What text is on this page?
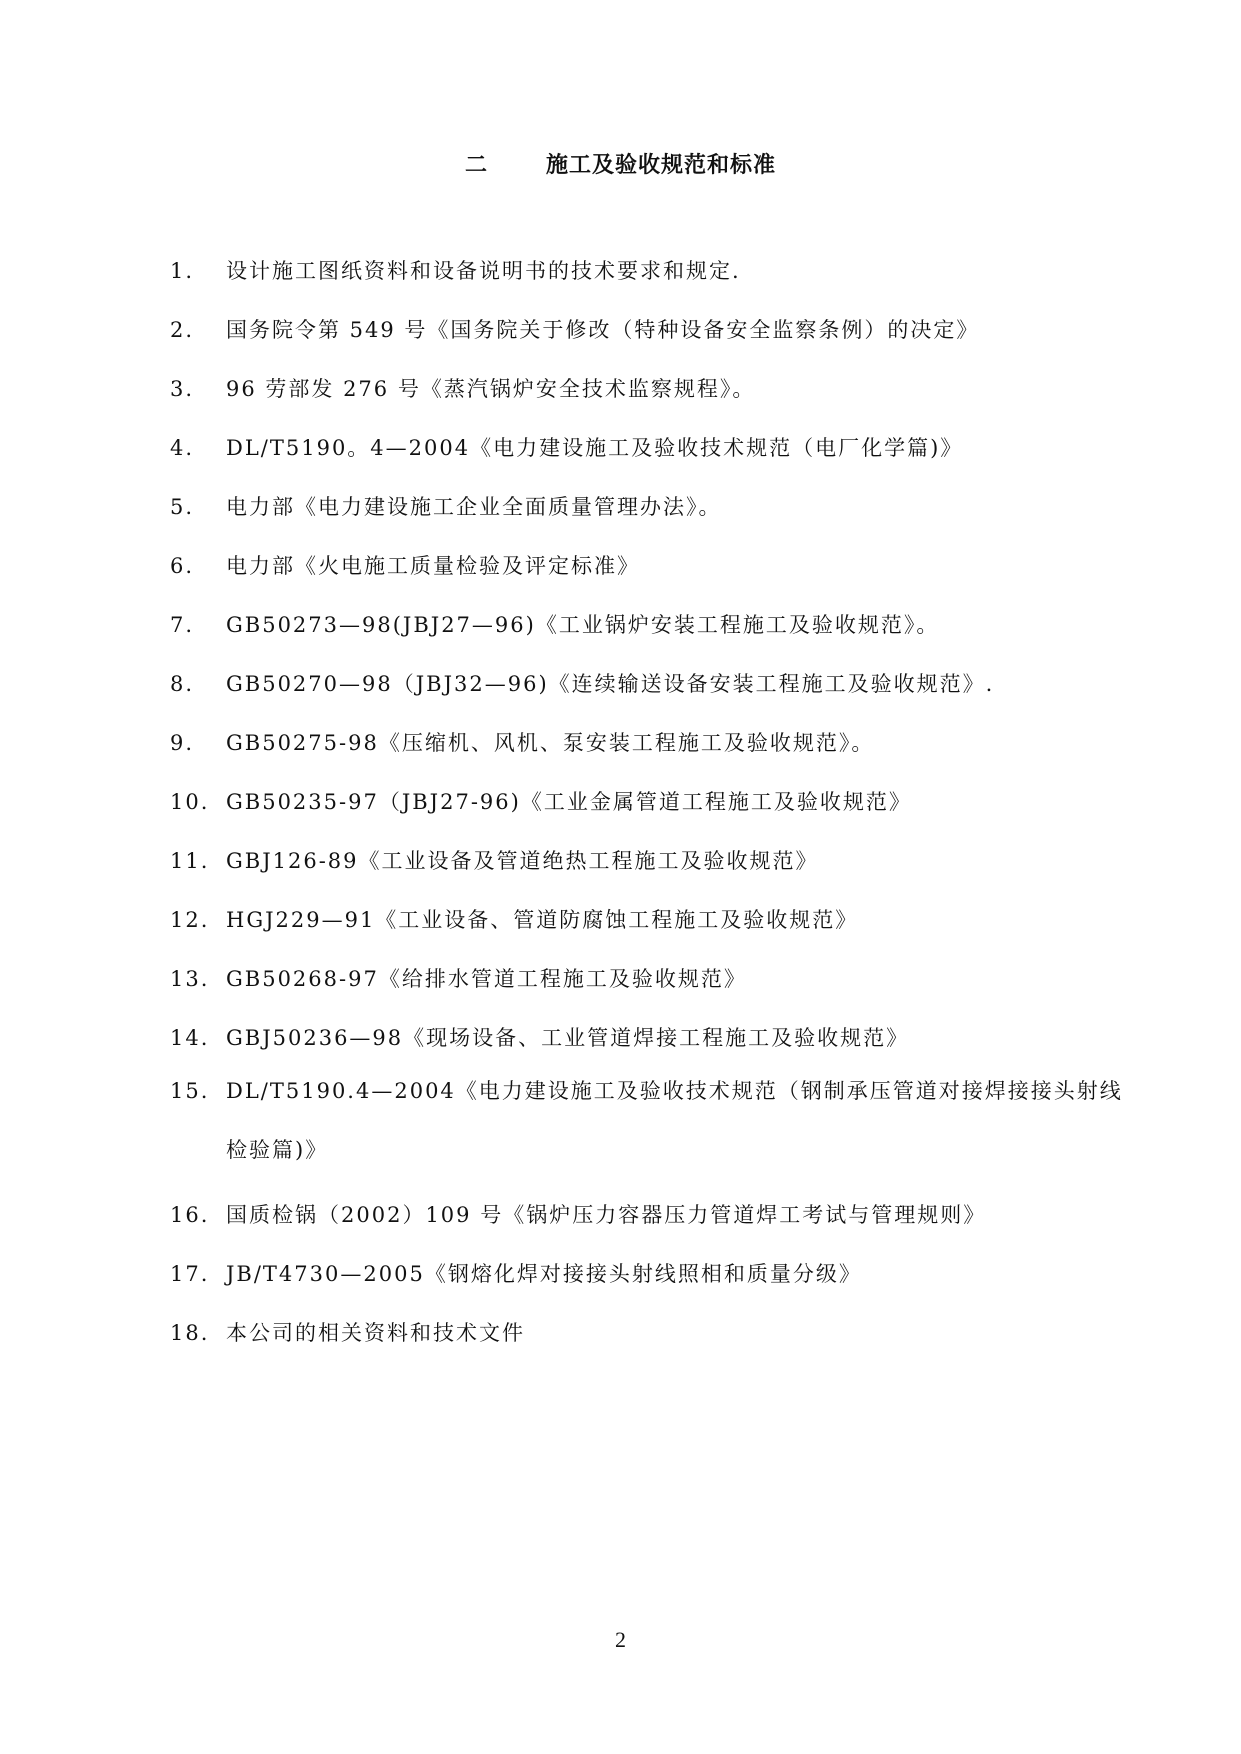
二	施工及验收规范和标准
1.	设计施工图纸资料和设备说明书的技术要求和规定.
2.	国务院令第 549 号《国务院关于修改（特种设备安全监察条例）的决定》
3.	96 劳部发 276 号《蒸汽锅炉安全技术监察规程》。
4.	DL/T5190。4—2004《电力建设施工及验收技术规范（电厂化学篇)》
5.	电力部《电力建设施工企业全面质量管理办法》。
6.	电力部《火电施工质量检验及评定标准》
7.	GB50273—98(JBJ27—96)《工业锅炉安装工程施工及验收规范》。
8.	GB50270—98（JBJ32—96)《连续输送设备安装工程施工及验收规范》.
9.	GB50275-98《压缩机、风机、泵安装工程施工及验收规范》。
10. GB50235-97（JBJ27-96)《工业金属管道工程施工及验收规范》
11. GBJ126-89《工业设备及管道绝热工程施工及验收规范》
12. HGJ229—91《工业设备、管道防腐蚀工程施工及验收规范》
13. GB50268-97《给排水管道工程施工及验收规范》
14. GBJ50236—98《现场设备、工业管道焊接工程施工及验收规范》
15. DL/T5190.4—2004《电力建设施工及验收技术规范（钢制承压管道对接焊接接头射线检验篇)》
16. 国质检锅（2002）109 号《锅炉压力容器压力管道焊工考试与管理规则》
17. JB/T4730—2005《钢熔化焊对接接头射线照相和质量分级》
18. 本公司的相关资料和技术文件
2
